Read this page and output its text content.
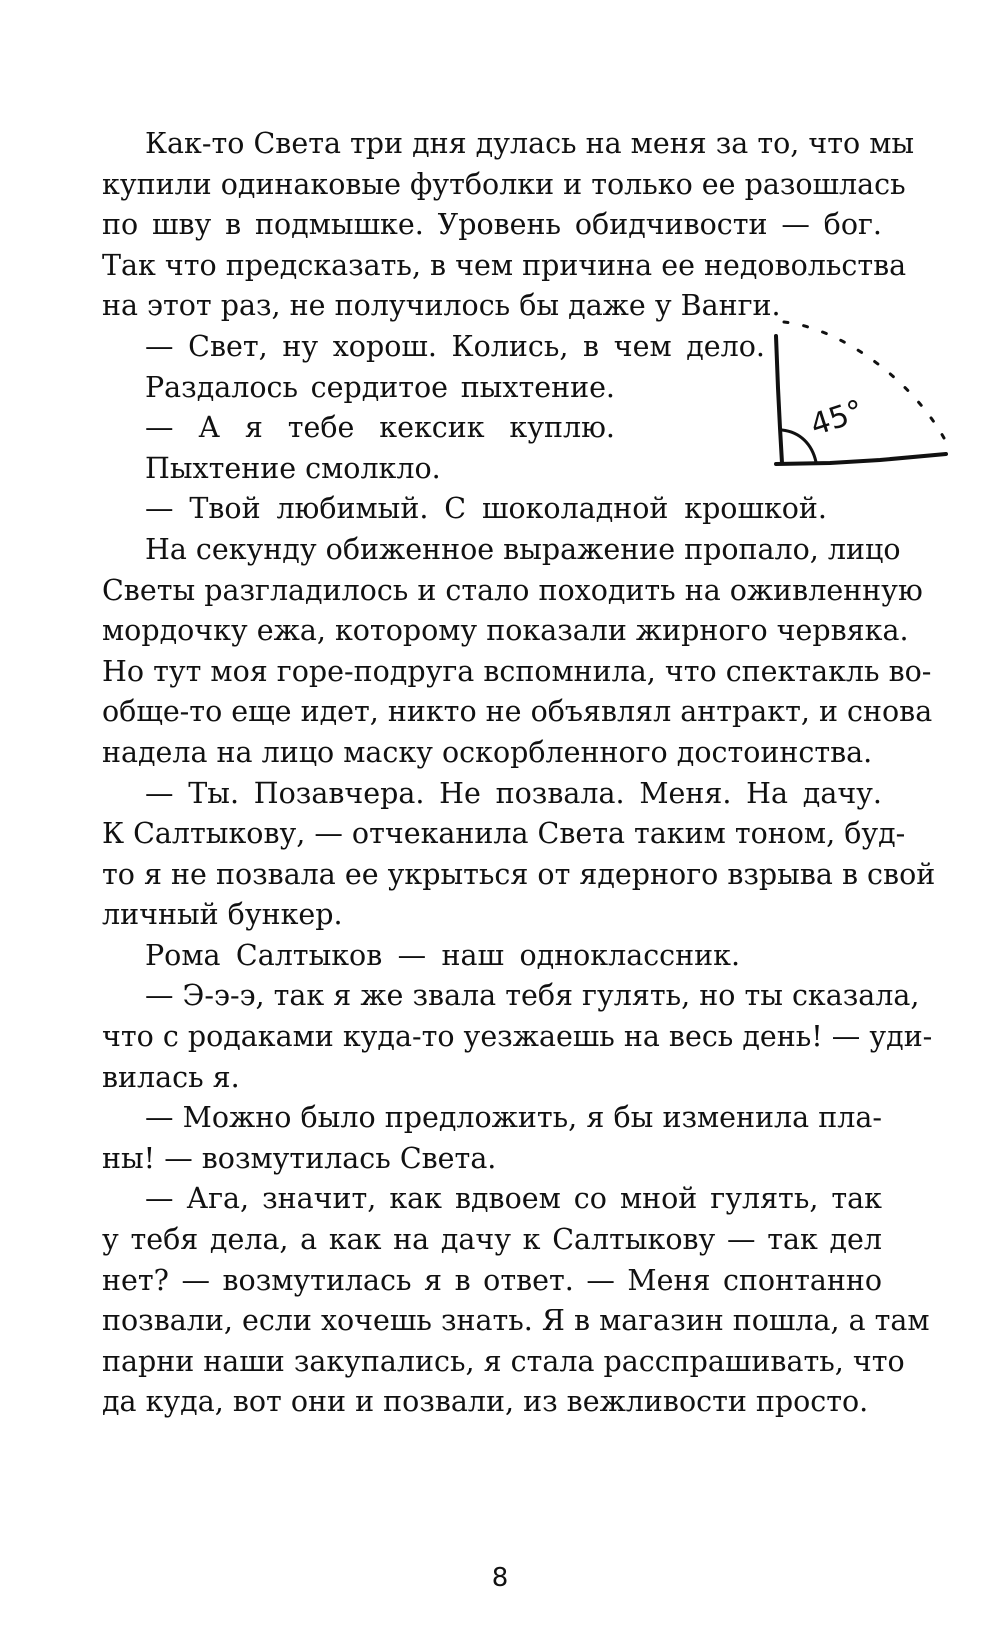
Как-то Света три дня дулась на меня за то, что мы
купили одинаковые футболки и только ее разошлась
по шву в подмышке. Уровень обидчивости — бог.
Так что предсказать, в чем причина ее недовольства
на этот раз, не получилось бы даже у Ванги.
— Свет, ну хорош. Колись, в чем дело.
Раздалось сердитое пыхтение.
— А я тебе кексик куплю.
Пыхтение смолкло.
— Твой любимый. С шоколадной крошкой.
На секунду обиженное выражение пропало, лицо
Светы разгладилось и стало походить на оживленную
мордочку ежа, которому показали жирного червяка.
Но тут моя горе-подруга вспомнила, что спектакль во-
обще-то еще идет, никто не объявлял антракт, и снова
надела на лицо маску оскорбленного достоинства.
— Ты. Позавчера. Не позвала. Меня. На дачу.
К Салтыкову, — отчеканила Света таким тоном, буд-
то я не позвала ее укрыться от ядерного взрыва в свой
личный бункер.
Рома Салтыков — наш одноклассник.
— Э-э-э, так я же звала тебя гулять, но ты сказала,
что с родаками куда-то уезжаешь на весь день! — уди-
вилась я.
— Можно было предложить, я бы изменила пла-
ны! — возмутилась Света.
— Ага, значит, как вдвоем со мной гулять, так
у тебя дела, а как на дачу к Салтыкову — так дел
нет? — возмутилась я в ответ. — Меня спонтанно
позвали, если хочешь знать. Я в магазин пошла, а там
парни наши закупались, я стала расспрашивать, что
да куда, вот они и позвали, из вежливости просто.
45°
8
